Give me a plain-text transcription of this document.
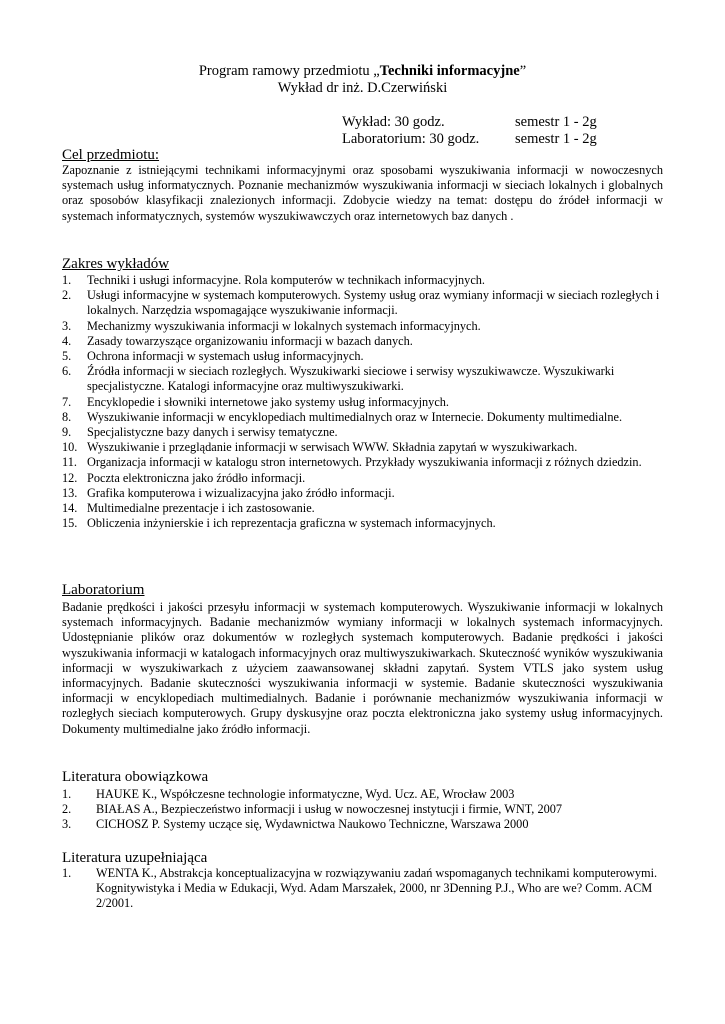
Program ramowy przedmiotu „Techniki informacyjne”
Wykład dr inż. D.Czerwiński
Wykład: 30 godz.	semestr 1 - 2g
Laboratorium: 30 godz. semestr 1 - 2g
Cel przedmiotu:
Zapoznanie z istniejącymi technikami informacyjnymi oraz sposobami wyszukiwania informacji w nowoczesnych systemach usług informatycznych. Poznanie mechanizmów wyszukiwania informacji w sieciach lokalnych i globalnych oraz sposobów klasyfikacji znalezionych informacji. Zdobycie wiedzy na temat: dostępu do źródeł informacji w systemach informatycznych, systemów wyszukiwawczych oraz internetowych baz danych .
Zakres wykładów
1. Techniki i usługi informacyjne. Rola komputerów w technikach informacyjnych.
2. Usługi informacyjne w systemach komputerowych. Systemy usług oraz wymiany informacji w sieciach rozległych i lokalnych. Narzędzia wspomagające wyszukiwanie informacji.
3. Mechanizmy wyszukiwania informacji w lokalnych systemach informacyjnych.
4. Zasady towarzyszące organizowaniu informacji w bazach danych.
5. Ochrona informacji w systemach usług informacyjnych.
6. Źródła informacji w sieciach rozległych. Wyszukiwarki sieciowe i serwisy wyszukiwawcze. Wyszukiwarki specjalistyczne. Katalogi informacyjne oraz multiwyszukiwarki.
7. Encyklopedie i słowniki internetowe jako systemy usług informacyjnych.
8. Wyszukiwanie informacji w encyklopediach multimedialnych oraz w Internecie. Dokumenty multimedialne.
9. Specjalistyczne bazy danych i serwisy tematyczne.
10. Wyszukiwanie i przeglądanie informacji w serwisach WWW. Składnia zapytań w wyszukiwarkach.
11. Organizacja informacji w katalogu stron internetowych. Przykłady wyszukiwania informacji z różnych dziedzin.
12. Poczta elektroniczna jako źródło informacji.
13. Grafika komputerowa i wizualizacyjna jako źródło informacji.
14. Multimedialne prezentacje i ich zastosowanie.
15. Obliczenia inżynierskie i ich reprezentacja graficzna w systemach informacyjnych.
Laboratorium
Badanie prędkości i jakości przesyłu informacji w systemach komputerowych. Wyszukiwanie informacji w lokalnych systemach informacyjnych. Badanie mechanizmów wymiany informacji w lokalnych systemach informacyjnych. Udostępnianie plików oraz dokumentów w rozległych systemach komputerowych. Badanie prędkości i jakości wyszukiwania informacji w katalogach informacyjnych oraz multiwyszukiwarkach. Skuteczność wyników wyszukiwania informacji w wyszukiwarkach z użyciem zaawansowanej składni zapytań. System VTLS jako system usług informacyjnych. Badanie skuteczności wyszukiwania informacji w systemie. Badanie skuteczności wyszukiwania informacji w encyklopediach multimedialnych. Badanie i porównanie mechanizmów wyszukiwania informacji w rozległych sieciach komputerowych. Grupy dyskusyjne oraz poczta elektroniczna jako systemy usług informacyjnych. Dokumenty multimedialne jako źródło informacji.
Literatura obowiązkowa
1. HAUKE K., Współczesne technologie informatyczne, Wyd. Ucz. AE, Wrocław 2003
2. BIAŁAS A., Bezpieczeństwo informacji i usług w nowoczesnej instytucji i firmie, WNT, 2007
3. CICHOSZ P. Systemy uczące się, Wydawnictwa Naukowo Techniczne, Warszawa 2000
Literatura uzupełniająca
1. WENTA K., Abstrakcja konceptualizacyjna w rozwiązywaniu zadań wspomaganych technikami komputerowymi. Kognitywistyka i Media w Edukacji, Wyd. Adam Marszałek, 2000, nr 3Denning P.J., Who are we? Comm. ACM 2/2001.
